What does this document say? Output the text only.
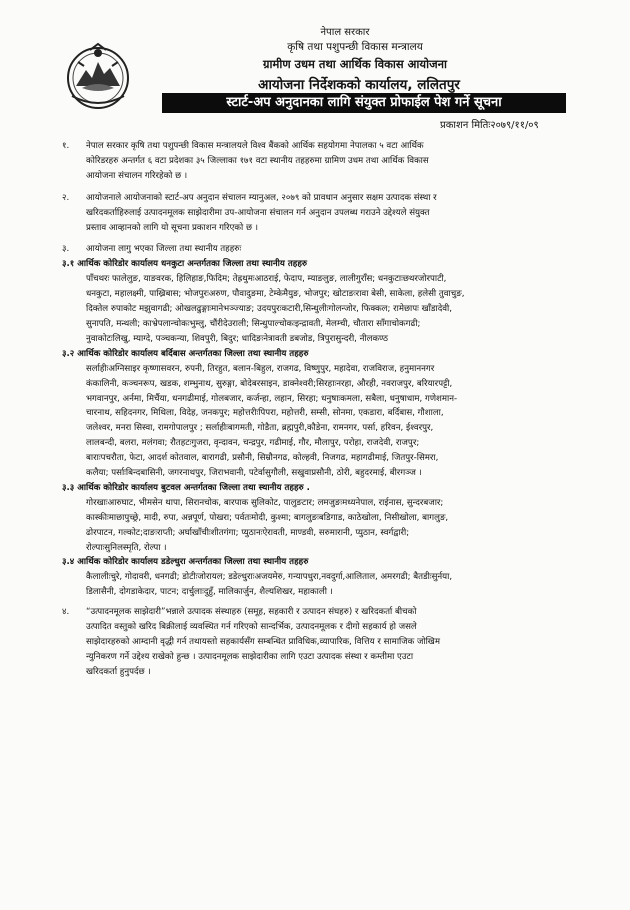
नेपाल सरकार
कृषि तथा पशुपन्छी विकास मन्त्रालय
ग्रामीण उधम तथा आर्थिक विकास आयोजना
आयोजना निर्देशकको कार्यालय, ललितपुर
स्टार्ट-अप अनुदानका लागि संयुक्त प्रोफाईल पेश गर्ने सूचना
प्रकाशन मितिः२०७९/११/०९
१. नेपाल सरकार कृषि तथा पशुपन्छी विकास मन्त्रालयले विश्व बैंकको आर्थिक सहयोगमा नेपालका ५ वटा आर्थिक
कोरिडरहरु अन्तर्गत ६ वटा प्रदेशका ३५ जिल्लाका १७१ वटा स्थानीय तहहरुमा ग्रामिण उधम तथा आर्थिक विकास
आयोजना संचालन गरिरहेको छ ।
२. आयोजनाले आयोजनाको स्टार्ट-अप अनुदान संचालन म्यानुअल, २०७९ को प्रावधान अनुसार सक्षम उत्पादक संस्था र
खरिदकर्ताहिरुलाई उत्पादनमूलक साझेदारीमा उप-आयोजना संचालन गर्न अनुदान उपलब्ध गराउने उद्देश्यले संयुक्त
प्रस्ताव आव्हानको लागि यो सूचना प्रकाशन गरिएको छ ।
३. आयोजना लागु भएका जिल्ला तथा स्थानीय तहहरुः
३.१ आर्थिक कोरिडोर कार्यालय धनकुटा अन्तर्गतका जिल्ला तथा स्थानीय तहहरु
पाँचथरः फालेलुङ, याङवरक, हिलिहाङ,फिदिम; तेह्रथुमःआठराई, फेदाप, म्याङलुङ, लालीगुराँस; धनकुटाःछथरजोरपाटी,
धनकुटा, महालक्ष्मी, पाख्रिबास; भोजपुरःअरुण, पौवादुङमा, टेम्केमैयुङ, भोजपुर; खोटाङःरावा बेसी, साकेला, हलेसी तुवाचुङ,
दिक्तेल रुपाकोट मझुवागढी; ओखलढुङ्गाःमानेभञ्ज्याङ; उदयपुरःकटारी,सिन्धुलीःगोलन्जोर, फिक्कल; रामेछापः खाँडादेवी,
सुनापति, मन्थली; काभ्रेपलान्चोकःभुम्लु, चौंरीदेउराली; सिन्धुपाल्चोकःइन्द्रावती, मेलम्ची, चौतारा साँगाचोकगढी;
नुवाकोटःलिखु, म्याग्दे, पञ्चकन्या, शिवपुरी, बिदुर; धादिङःनेत्रावती डबजोड, त्रिपुरासुन्दरी, नीलकण्ठ
३.२ आर्थिक कोरिडोर कार्यालय बर्दिबास अन्तर्गतका जिल्ला तथा स्थानीय तहहरु
सर्लाहीःअग्निसाइर कृष्णासवरन, रुपनी, तिरहुत, बलान-बिहुल, राजगढ, विष्णुपुर, महादेवा, राजविराज, हनुमाननगर
कंकालिनी, कञ्चनरूप, खडक, शम्भुनाथ, सुरुङ्गा, बोदेबरसाइन, डाक्नेश्वरी;सिरहाःनरहा, औरही, नवराजपुर, बरियारपट्टी,
भगवानपुर, अर्नमा, मिर्चैया, धनगढीमाई, गोलबजार, कर्जन्हा, लहान, सिरहा; धनुषाःकमला, सबैला, धनुषाधाम, गणेशमान-
चारनाथ, सहिदनगर, मिथिला, विदेह, जनकपुर; महोत्तरीःपिपरा, महोत्तरी, सम्सी, सोनमा, एकडारा, बर्दिबास, गौशाला,
जलेश्वर, मनरा सिस्वा, रामगोपालपुर ; सर्लाहीःबागमती, गोडैता, ब्रह्मपुरी,कौडेना, रामनगर, पर्सा, हरिवन, ईश्वरपुर,
लालबन्दी, बलरा, मलंगवा; रौतहटःगुजरा, वृन्दावन, चन्द्रपुर, गढीमाई, गौर, मौलापुर, परोहा, राजदेवी, राजपुर;
बाराःपचरौता, फेटा, आदर्श कोतवाल, बारागढी, प्रसौनी, सिम्रौनगढ, कोल्हवी, निजगढ, महागढीमाई, जितपुर-सिमरा,
कलैया; पर्साःबिन्दबासिनी, जगरनाथपुर, जिराभवानी, पटेर्वासुगौली, सखुवाप्रसौनी, ठोरी, बहुदरमाई, बीरगञ्ज ।
३.३ आर्थिक कोरिडोर कार्यालय बुटवल अन्तर्गतका जिल्ला तथा स्थानीय तहहरु .
गोरखाःआरुघाट, भीमसेन थापा, सिरानचोक, बारपाक सुलिकोट, पालुङटार; लमजुङःमध्यनेपाल, राईनास, सुन्दरबजार;
कास्कीःमाछापुच्छ्रे, मादी, रुपा, अन्नपूर्ण, पोखरा; पर्वतःमोदी, कुश्मा; बागलुङःबडिगाड, काठेखोला, निसीखोला, बागलुङ,
ढोरपाटन, गल्कोट;दाङःराप्ती; अर्घाखाँचीःशीतगंगा; प्युठानःऐरावती, माण्डवी, सरुमारानी, प्युठान, स्वर्गद्वारी;
रोल्पाःसुनिलस्मृति, रोल्पा ।
३.४ आर्थिक कोरिडोर कार्यालय डडेल्धुरा अन्तर्गतका जिल्ला तथा स्थानीय तहहरु
कैलालीःचुरे, गोदावरी, धनगढी; डोटीःजोरायल; डडेल्धुराःअजयमेरु, गन्यापधुरा,नवदुर्गा,आलिताल, अमरगढी; बैतडीःसुर्नया,
डिलासैनी, दोगडाकेदार, पाटन; दार्चुलाःदुहुँ, मालिकार्जुन, शैल्यशिखर, महाकाली ।
४. “उत्पादनमूलक साझेदारी”भन्नाले उत्पादक संस्थाहरु (समूह, सहकारी र उत्पादन संघहरु) र खरिदकर्ता बीचको
उत्पादित वस्तुको खरिद बिक्रीलाई व्यवस्थित गर्न गरिएको सान्दर्भिक, उत्पादनमूलक र दीगो सहकार्य हो जसले
साझेदारहरुको आम्दानी वृद्धी गर्न तथायस्तो सहकार्यसँग सम्बन्धित प्राविधिक,व्यापारिक, वित्तिय र सामाजिक जोखिम
न्युनिकरण गर्ने उद्देश्य राखेको हुन्छ । उत्पादनमूलक साझेदारीका लागि एउटा उत्पादक संस्था र कम्तीमा एउटा
खरिदकर्ता हुनुपर्दछ ।
